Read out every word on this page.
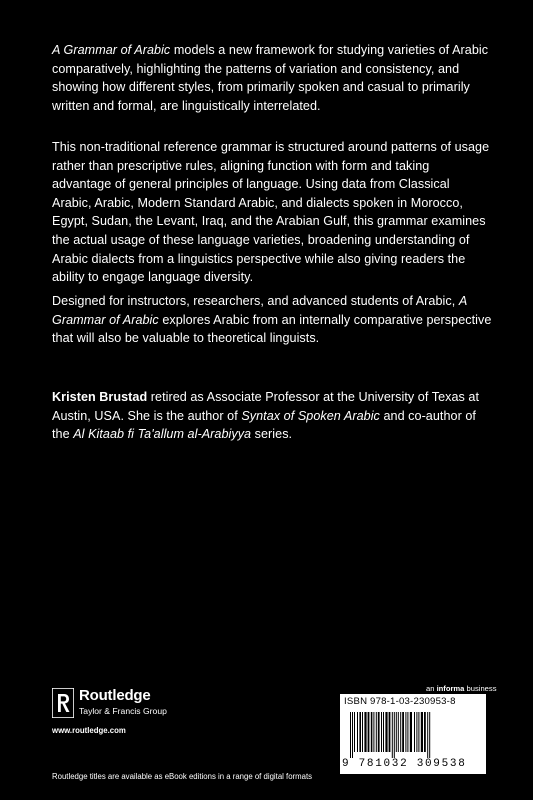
A Grammar of Arabic models a new framework for studying varieties of Arabic comparatively, highlighting the patterns of variation and consistency, and showing how different styles, from primarily spoken and casual to primarily written and formal, are linguistically interrelated.

This non-traditional reference grammar is structured around patterns of usage rather than prescriptive rules, aligning function with form and taking advantage of general principles of language. Using data from Classical Arabic, Arabic, Modern Standard Arabic, and dialects spoken in Morocco, Egypt, Sudan, the Levant, Iraq, and the Arabian Gulf, this grammar examines the actual usage of these language varieties, broadening understanding of Arabic dialects from a linguistics perspective while also giving readers the ability to engage language diversity.

Designed for instructors, researchers, and advanced students of Arabic, A Grammar of Arabic explores Arabic from an internally comparative perspective that will also be valuable to theoretical linguists.

Kristen Brustad retired as Associate Professor at the University of Texas at Austin, USA. She is the author of Syntax of Spoken Arabic and co-author of the Al Kitaab fi Ta'allum al-Arabiyya series.

Routledge
Taylor & Francis Group
www.routledge.com
an informa business
ISBN 978-1-03-230953-8
9 781032 309538
Routledge titles are available as eBook editions in a range of digital formats
